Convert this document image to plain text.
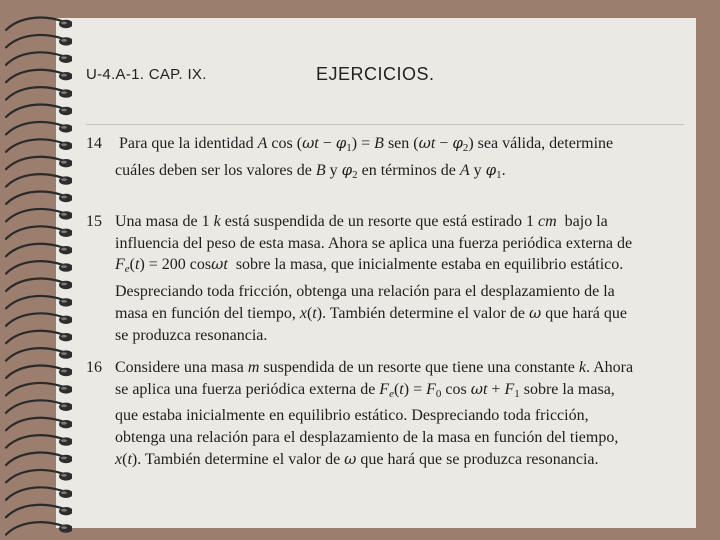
U-4.A-1. CAP. IX.	EJERCICIOS.
14 Para que la identidad A $\cos (\omega t - \varphi_1) = B$ sen $(\omega t - \varphi_2)$ sea válida, determine
cuáles deben ser los valores de B y $\varphi_2$ en términos de A y $\varphi_1$.
15 Una masa de 1 k está suspendida de un resorte que está estirado 1 cm  bajo la
influencia del peso de esta masa. Ahora se aplica una fuerza periódica externa de
$F_e(t) = 200$ cosωt  sobre la masa, que inicialmente estaba en equilibrio estático.
Despreciando toda fricción, obtenga una relación para el desplazamiento de la
masa en función del tiempo, x(t). También determine el valor de ω que hará que
se produzca resonancia.
16 Considere una masa m suspendida de un resorte que tiene una constante k. Ahora
se aplica una fuerza periódica externa de $F_e(t) = F_0$ $\cos \omega t + F_1$ sobre la masa,
que estaba inicialmente en equilibrio estático. Despreciando toda fricción,
obtenga una relación para el desplazamiento de la masa en función del tiempo,
x(t). También determine el valor de ω que hará que se produzca resonancia.
